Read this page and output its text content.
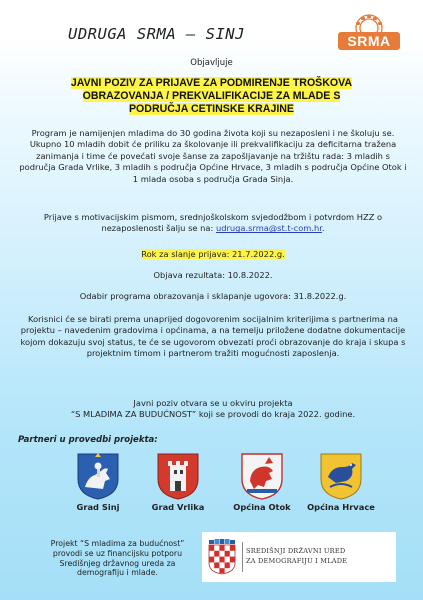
UDRUGA SRMA – SINJ	SRMA
Objavljuje
JAVNI POZIV ZA PRIJAVE ZA PODMIRENJE TROŠKOVA
OBRAZOVANJA / PREKVALIFIKACIJE ZA MLADE S
PODRUČJA CETINSKE KRAJINE
Program je namijenjen mladima do 30 godina života koji su nezaposleni i ne školuju se. Ukupno 10 mladih dobit će priliku za školovanje ili prekvalifikaciju za deficitarna tražena zanimanja i time će povećati svoje šanse za zapošljavanje na tržištu rada: 3 mladih s područja Grada Vrlike, 3 mladih s područja Općine Hrvace, 3 mladih s područja Općine Otok i 1 mlada osoba s područja Grada Sinja.
Prijave s motivacijskim pismom, srednjoškolskom svjedodžbom i potvrdom HZZ o nezaposlenosti šalju se na: udruga.srma@st.t-com.hr.
Rok za slanje prijava: 21.7.2022.g.
Objava rezultata: 10.8.2022.
Odabir programa obrazovanja i sklapanje ugovora: 31.8.2022.g.
Korisnici će se birati prema unaprijed dogovorenim socijalnim kriterijima s partnerima na projektu – navedenim gradovima i općinama, a na temelju priložene dodatne dokumentacije kojom dokazuju svoj status, te će se ugovorom obvezati proći obrazovanje do kraja i skupa s projektnim timom i partnerom tražiti mogućnosti zaposlenja.
Javni poziv otvara se u okviru projekta
“S MLADIMA ZA BUDUĆNOST” koji se provodi do kraja 2022. godine.
Partneri u provedbi projekta:
Grad Sinj	Grad Vrlika	Općina Otok	Općina Hrvace
Projekt “S mladima za budućnost”
provodi se uz financijsku potporu
Središnjeg državnog ureda za
demografiju i mlade.
SREDIŠNJI DRŽAVNI URED
ZA DEMOGRAFIJU I MLADE
